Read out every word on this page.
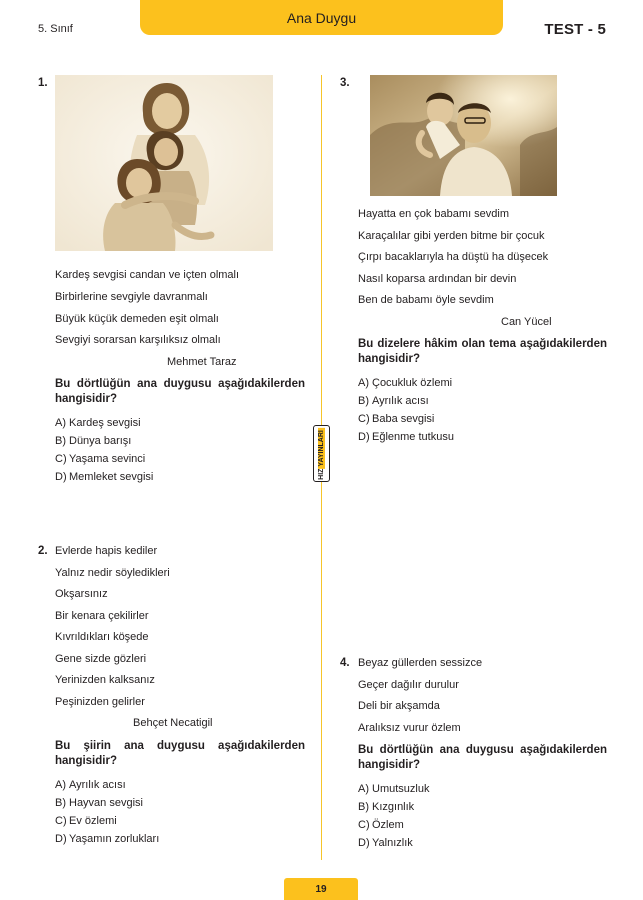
5. Sınıf
Ana Duygu
TEST - 5
HIZYAYINLARI
1.
Kardeş sevgisi candan ve içten olmalı
Birbirlerine sevgiyle davranmalı
Büyük küçük demeden eşit olmalı
Sevgiyi sorarsan karşılıksız olmalı
Mehmet Taraz

Bu dörtlüğün ana duygusu aşağıdakilerden hangisidir?

A) Kardeş sevgisi
B) Dünya barışı
C) Yaşama sevinci
D) Memleket sevgisi
2. Evlerde hapis kediler
Yalnız nedir söyledikleri
Okşarsınız
Bir kenara çekilirler
Kıvrıldıkları köşede
Gene sizde gözleri
Yerinizden kalksanız
Peşinizden gelirler
Behçet Necatigil

Bu şiirin ana duygusu aşağıdakilerden hangisidir?

A) Ayrılık acısı
B) Hayvan sevgisi
C) Ev özlemi
D) Yaşamın zorlukları
3.
Hayatta en çok babamı sevdim
Karaçalılar gibi yerden bitme bir çocuk
Çırpı bacaklarıyla ha düştü ha düşecek
Nasıl koparsa ardından bir devin
Ben de babamı öyle sevdim
Can Yücel

Bu dizelere hâkim olan tema aşağıdakilerden hangisidir?

A) Çocukluk özlemi
B) Ayrılık acısı
C) Baba sevgisi
D) Eğlenme tutkusu
4. Beyaz güllerden sessizce
Geçer dağılır durulur
Deli bir akşamda
Aralıksız vurur özlem

Bu dörtlüğün ana duygusu aşağıdakilerden hangisidir?

A) Umutsuzluk
B) Kızgınlık
C) Özlem
D) Yalnızlık
19
